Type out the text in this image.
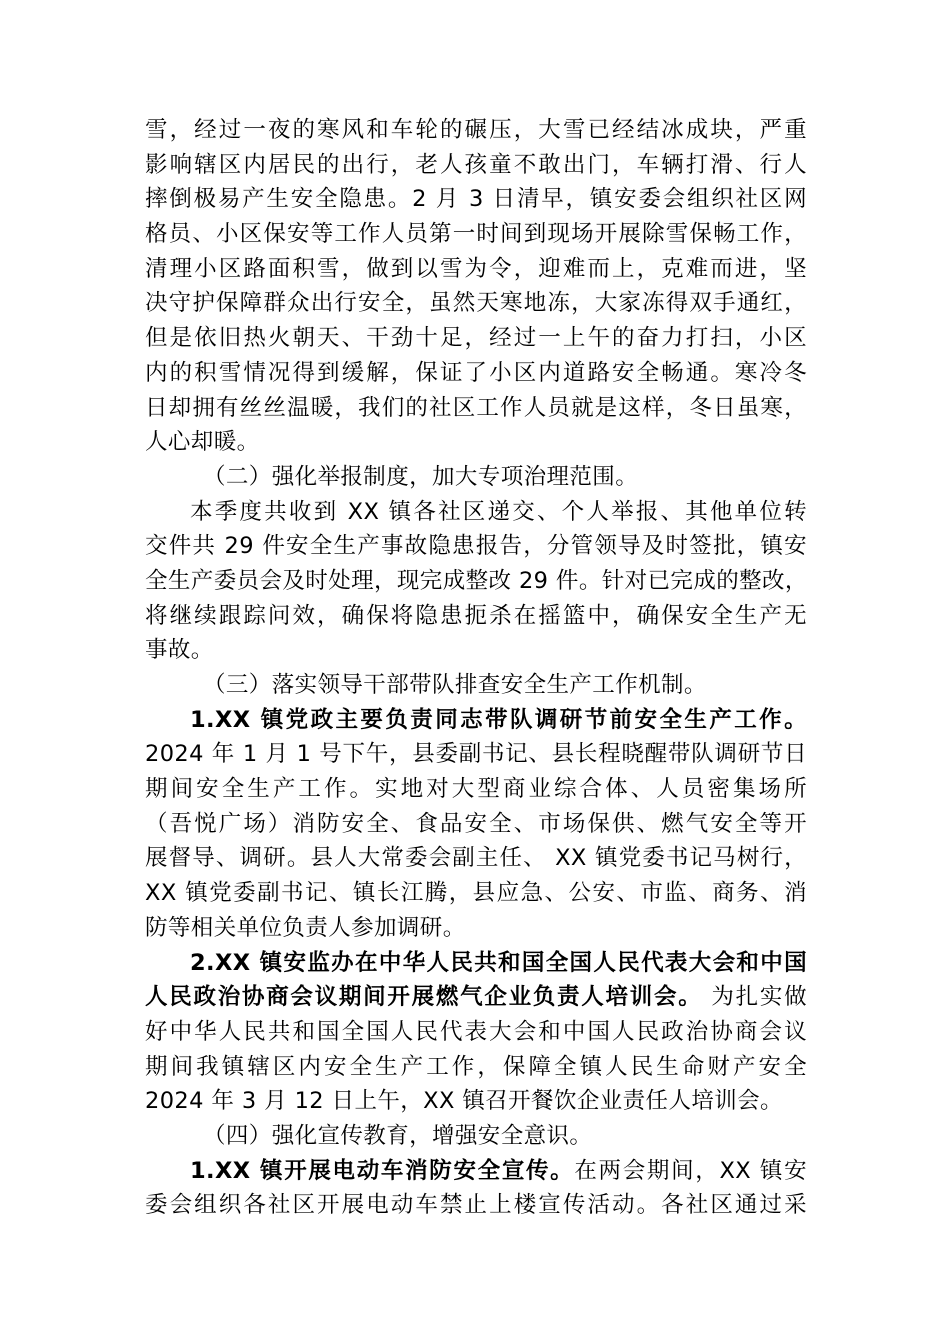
雪，经过一夜的寒风和车轮的碾压，大雪已经结冰成块，严重
影响辖区内居民的出行，老人孩童不敢出门，车辆打滑、行人
摔倒极易产生安全隐患。2 月 3 日清早，镇安委会组织社区网
格员、小区保安等工作人员第一时间到现场开展除雪保畅工作，
清理小区路面积雪，做到以雪为令，迎难而上，克难而进，坚
决守护保障群众出行安全，虽然天寒地冻，大家冻得双手通红，
但是依旧热火朝天、干劲十足，经过一上午的奋力打扫，小区
内的积雪情况得到缓解，保证了小区内道路安全畅通。寒冷冬
日却拥有丝丝温暖，我们的社区工作人员就是这样，冬日虽寒，
人心却暖。
（二）强化举报制度，加大专项治理范围。
本季度共收到 XX 镇各社区递交、个人举报、其他单位转
交件共 29 件安全生产事故隐患报告，分管领导及时签批，镇安
全生产委员会及时处理，现完成整改 29 件。针对已完成的整改，
将继续跟踪问效，确保将隐患扼杀在摇篮中，确保安全生产无
事故。
（三）落实领导干部带队排查安全生产工作机制。
1.XX 镇党政主要负责同志带队调研节前安全生产工作。
2024 年 1 月 1 号下午，县委副书记、县长程晓醒带队调研节日
期间安全生产工作。实地对大型商业综合体、人员密集场所
（吾悦广场）消防安全、食品安全、市场保供、燃气安全等开
展督导、调研。县人大常委会副主任、 XX 镇党委书记马树行，
XX 镇党委副书记、镇长江腾，县应急、公安、市监、商务、消
防等相关单位负责人参加调研。
2.XX 镇安监办在中华人民共和国全国人民代表大会和中国
人民政治协商会议期间开展燃气企业负责人培训会。 为扎实做
好中华人民共和国全国人民代表大会和中国人民政治协商会议
期间我镇辖区内安全生产工作，保障全镇人民生命财产安全
2024 年 3 月 12 日上午，XX 镇召开餐饮企业责任人培训会。
（四）强化宣传教育，增强安全意识。
1.XX 镇开展电动车消防安全宣传。在两会期间，XX 镇安
委会组织各社区开展电动车禁止上楼宣传活动。各社区通过采
